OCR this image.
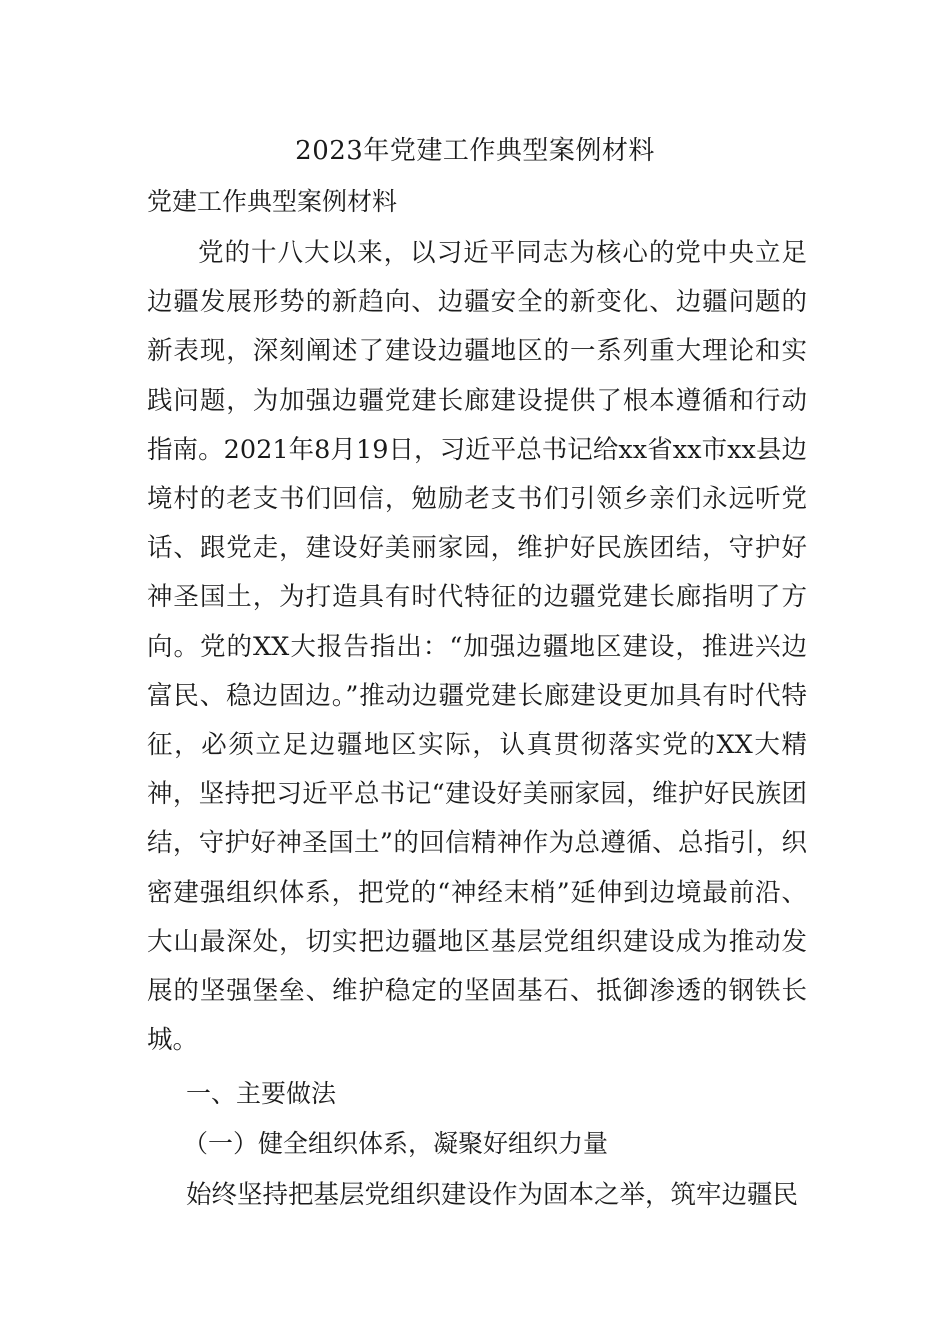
2023年党建工作典型案例材料
党建工作典型案例材料

党的十八大以来，以习近平同志为核心的党中央立足边疆发展形势的新趋向、边疆安全的新变化、边疆问题的新表现，深刻阐述了建设边疆地区的一系列重大理论和实践问题，为加强边疆党建长廊建设提供了根本遵循和行动指南。2021年8月19日，习近平总书记给xx省xx市xx县边境村的老支书们回信，勉励老支书们引领乡亲们永远听党话、跟党走，建设好美丽家园，维护好民族团结，守护好神圣国土，为打造具有时代特征的边疆党建长廊指明了方向。党的XX大报告指出：“加强边疆地区建设，推进兴边富民、稳边固边。”推动边疆党建长廊建设更加具有时代特征，必须立足边疆地区实际，认真贯彻落实党的XX大精神，坚持把习近平总书记“建设好美丽家园，维护好民族团结，守护好神圣国土”的回信精神作为总遵循、总指引，织密建强组织体系，把党的“神经末梢”延伸到边境最前沿、大山最深处，切实把边疆地区基层党组织建设成为推动发展的坚强堡垒、维护稳定的坚固基石、抵御渗透的钢铁长城。

一、主要做法
（一）健全组织体系，凝聚好组织力量
始终坚持把基层党组织建设作为固本之举，筑牢边疆民
